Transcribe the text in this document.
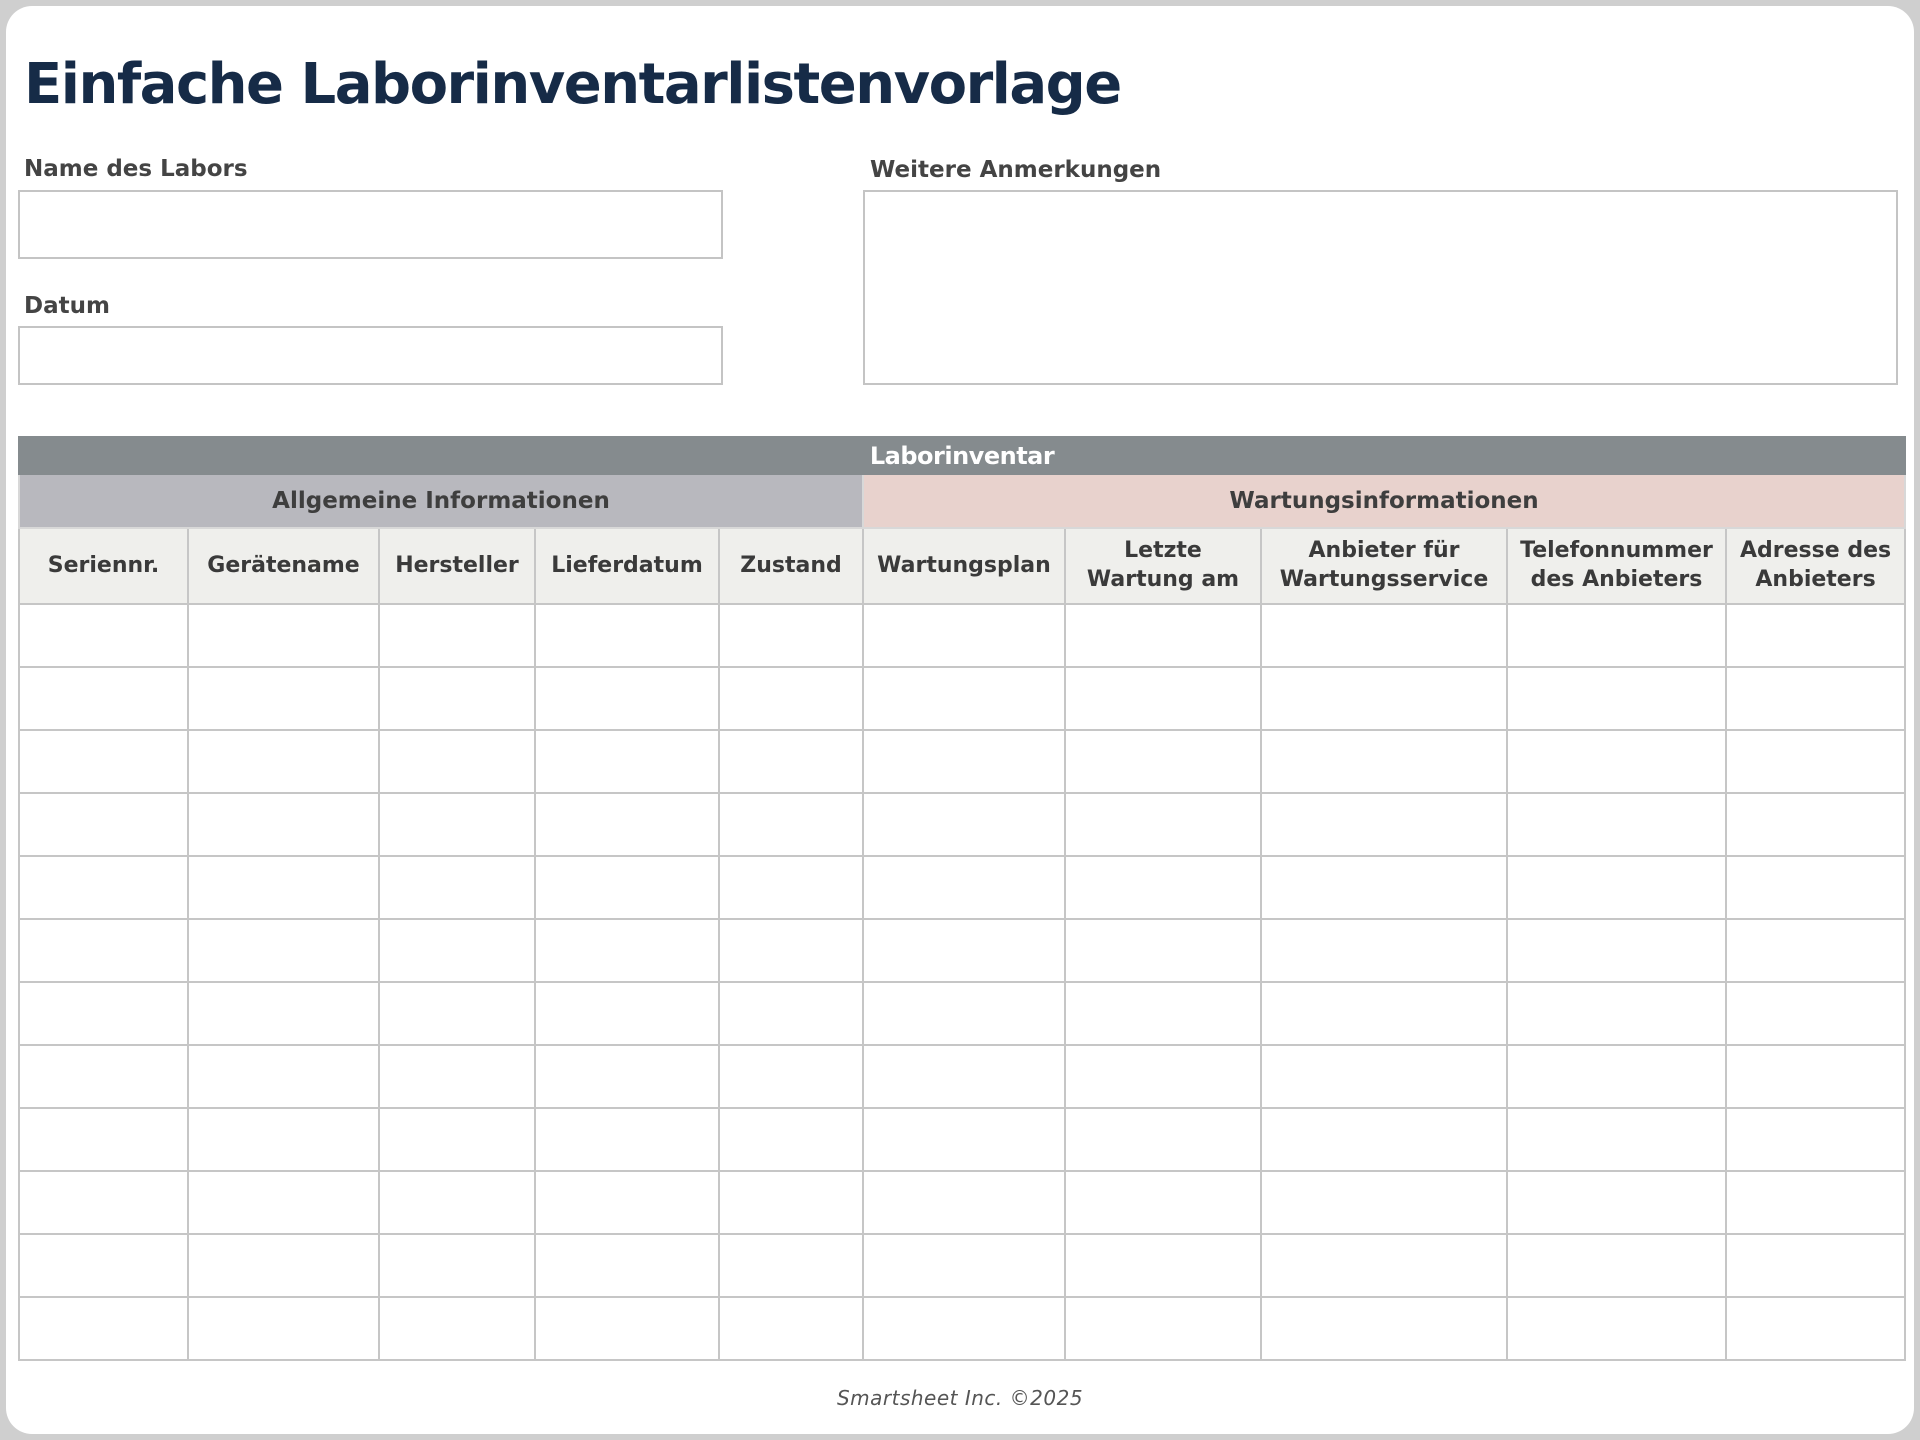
Einfache Laborinventarlistenvorlage
Name des Labors
Datum
Weitere Anmerkungen
Laborinventar									
Allgemeine Informationen					Wartungsinformationen				
Seriennr.	Gerätename	Hersteller	Lieferdatum	Zustand	Wartungsplan	Letzte Wartung am	Anbieter für Wartungsservice	Telefonnummer des Anbieters	Adresse des Anbieters

Smartsheet Inc. ©2025
